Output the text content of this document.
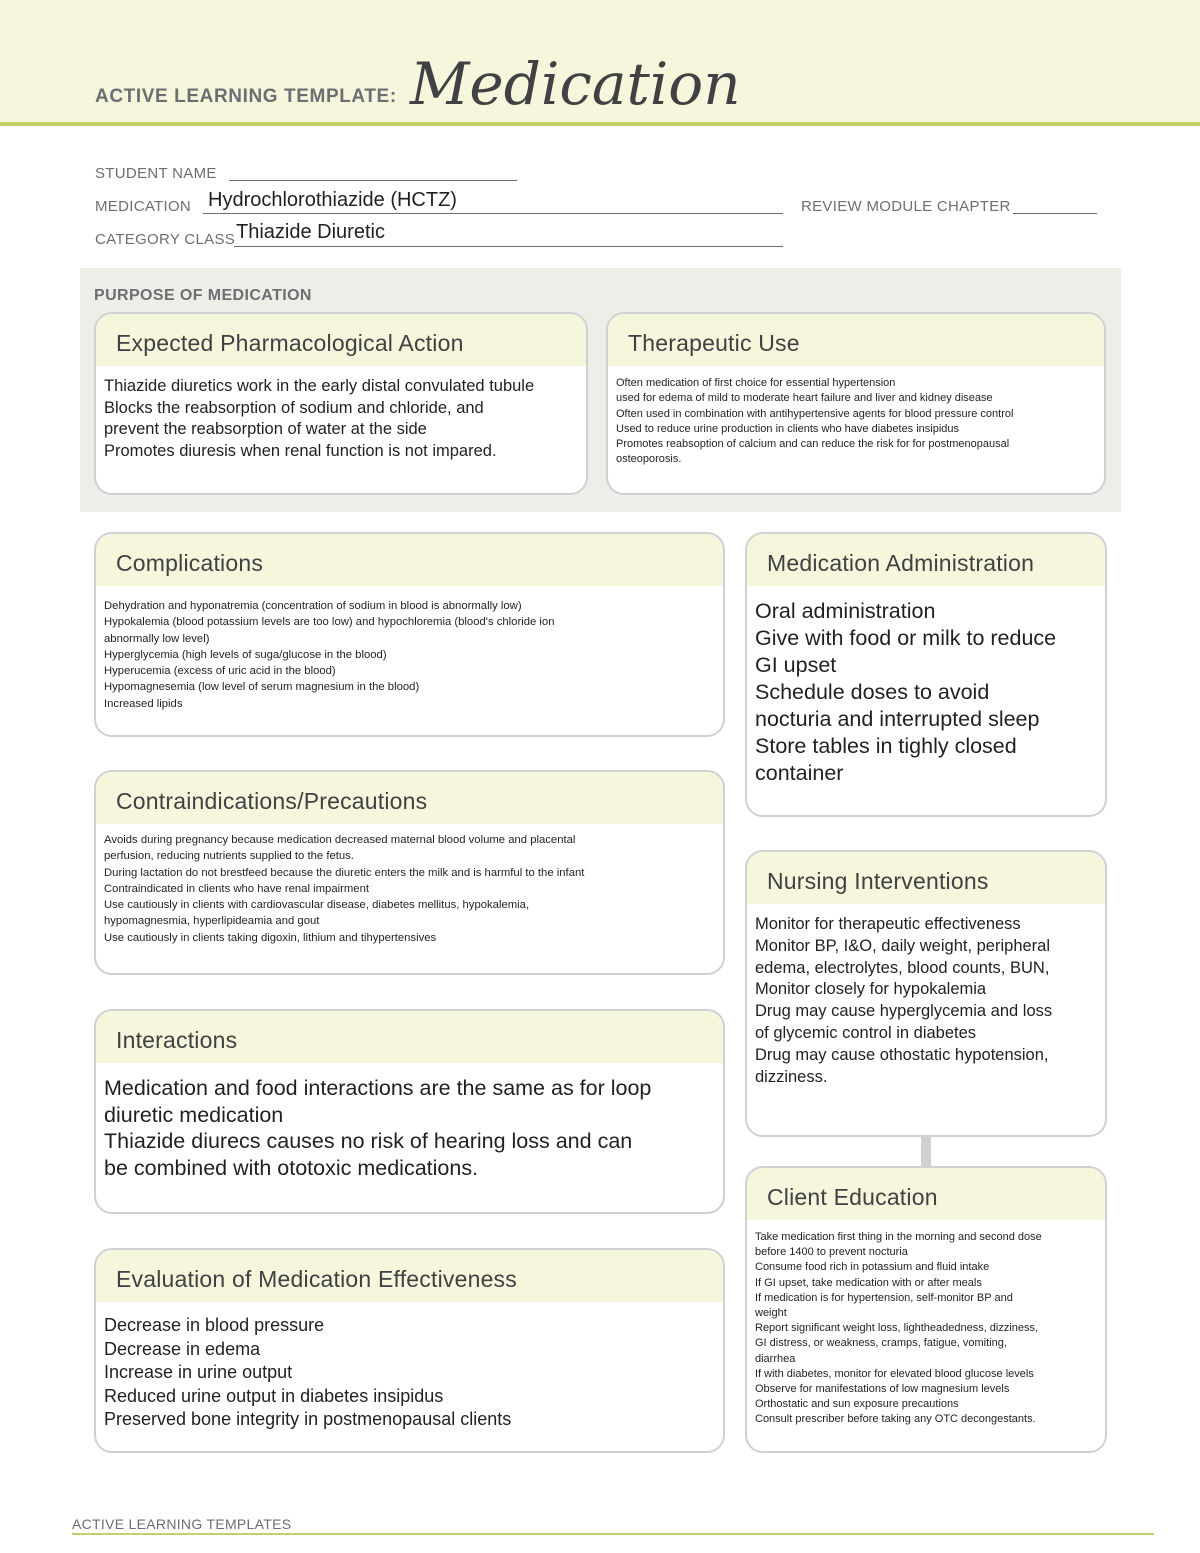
ACTIVE LEARNING TEMPLATE: Medication
STUDENT NAME
MEDICATION Hydrochlorothiazide (HCTZ)	REVIEW MODULE CHAPTER
CATEGORY CLASS Thiazide Diuretic
PURPOSE OF MEDICATION
Expected Pharmacological Action
Thiazide diuretics work in the early distal convulated tubule
Blocks the reabsorption of sodium and chloride, and
prevent the reabsorption of water at the side
Promotes diuresis when renal function is not impared.
Therapeutic Use
Often medication of first choice for essential hypertension
used for edema of mild to moderate heart failure and liver and kidney disease
Often used in combination with antihypertensive agents for blood pressure control
Used to reduce urine production in clients who have diabetes insipidus
Promotes reabsoption of calcium and can reduce the risk for for postmenopausal
osteoporosis.
Complications
Dehydration and hyponatremia (concentration of sodium in blood is abnormally low)
Hypokalemia (blood potassium levels are too low) and hypochloremia (blood's chloride ion
abnormally low level)
Hyperglycemia (high levels of suga/glucose in the blood)
Hyperucemia (excess of uric acid in the blood)
Hypomagnesemia (low level of serum magnesium in the blood)
Increased lipids
Medication Administration
Oral administration
Give with food or milk to reduce
GI upset
Schedule doses to avoid
nocturia and interrupted sleep
Store tables in tighly closed
container
Contraindications/Precautions
Avoids during pregnancy because medication decreased maternal blood volume and placental
perfusion, reducing nutrients supplied to the fetus.
During lactation do not brestfeed because the diuretic enters the milk and is harmful to the infant
Contraindicated in clients who have renal impairment
Use cautiously in clients with cardiovascular disease, diabetes mellitus, hypokalemia,
hypomagnesmia, hyperlipideamia and gout
Use cautiously in clients taking digoxin, lithium and tihypertensives
Nursing Interventions
Monitor for therapeutic effectiveness
Monitor BP, I&O, daily weight, peripheral
edema, electrolytes, blood counts, BUN,
Monitor closely for hypokalemia
Drug may cause hyperglycemia and loss
of glycemic control in diabetes
Drug may cause othostatic hypotension,
dizziness.
Interactions
Medication and food interactions are the same as for loop
diuretic medication
Thiazide diurecs causes no risk of hearing loss and can
be combined with ototoxic medications.
Client Education
Take medication first thing in the morning and second dose
before 1400 to prevent nocturia
Consume food rich in potassium and fluid intake
If GI upset, take medication with or after meals
If medication is for hypertension, self-monitor BP and
weight
Report significant weight loss, lightheadedness, dizziness,
GI distress, or weakness, cramps, fatigue, vomiting,
diarrhea
If with diabetes, monitor for elevated blood glucose levels
Observe for manifestations of low magnesium levels
Orthostatic and sun exposure precautions
Consult prescriber before taking any OTC decongestants.
Evaluation of Medication Effectiveness
Decrease in blood pressure
Decrease in edema
Increase in urine output
Reduced urine output in diabetes insipidus
Preserved bone integrity in postmenopausal clients
ACTIVE LEARNING TEMPLATES
